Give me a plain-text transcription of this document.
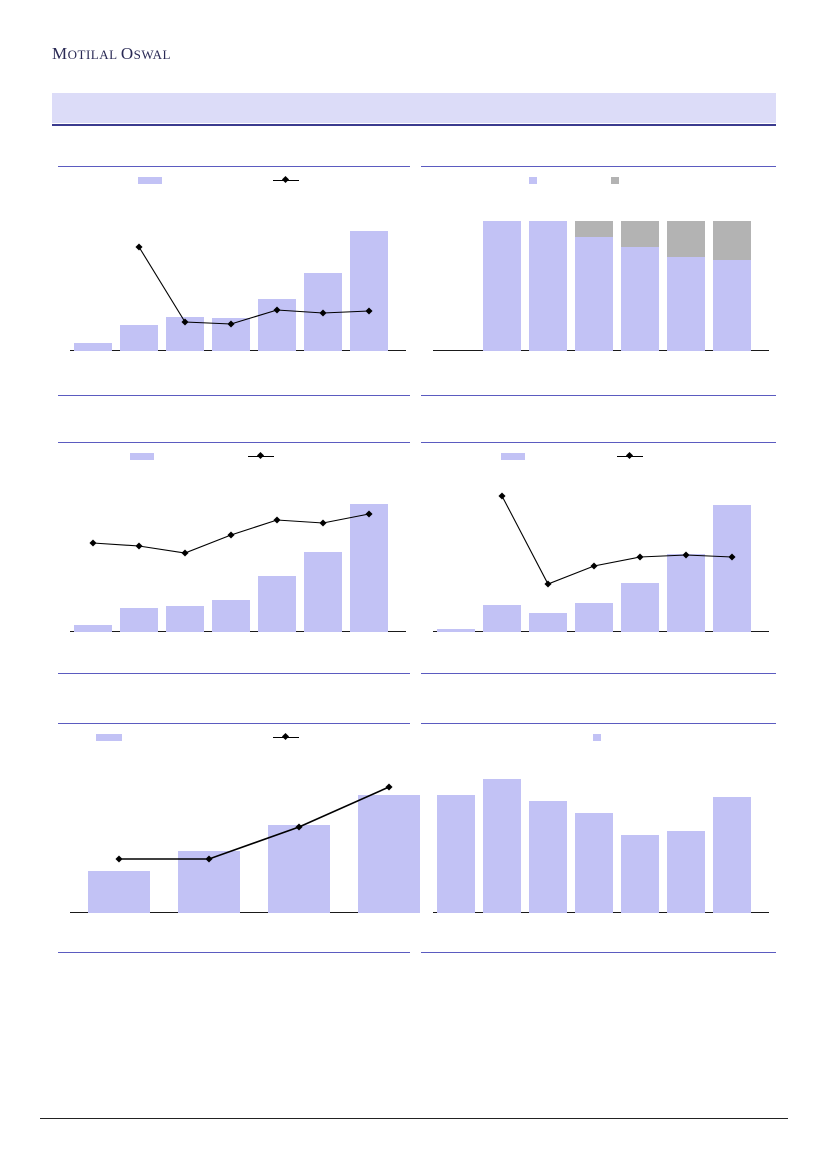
MOTILAL OSWAL
